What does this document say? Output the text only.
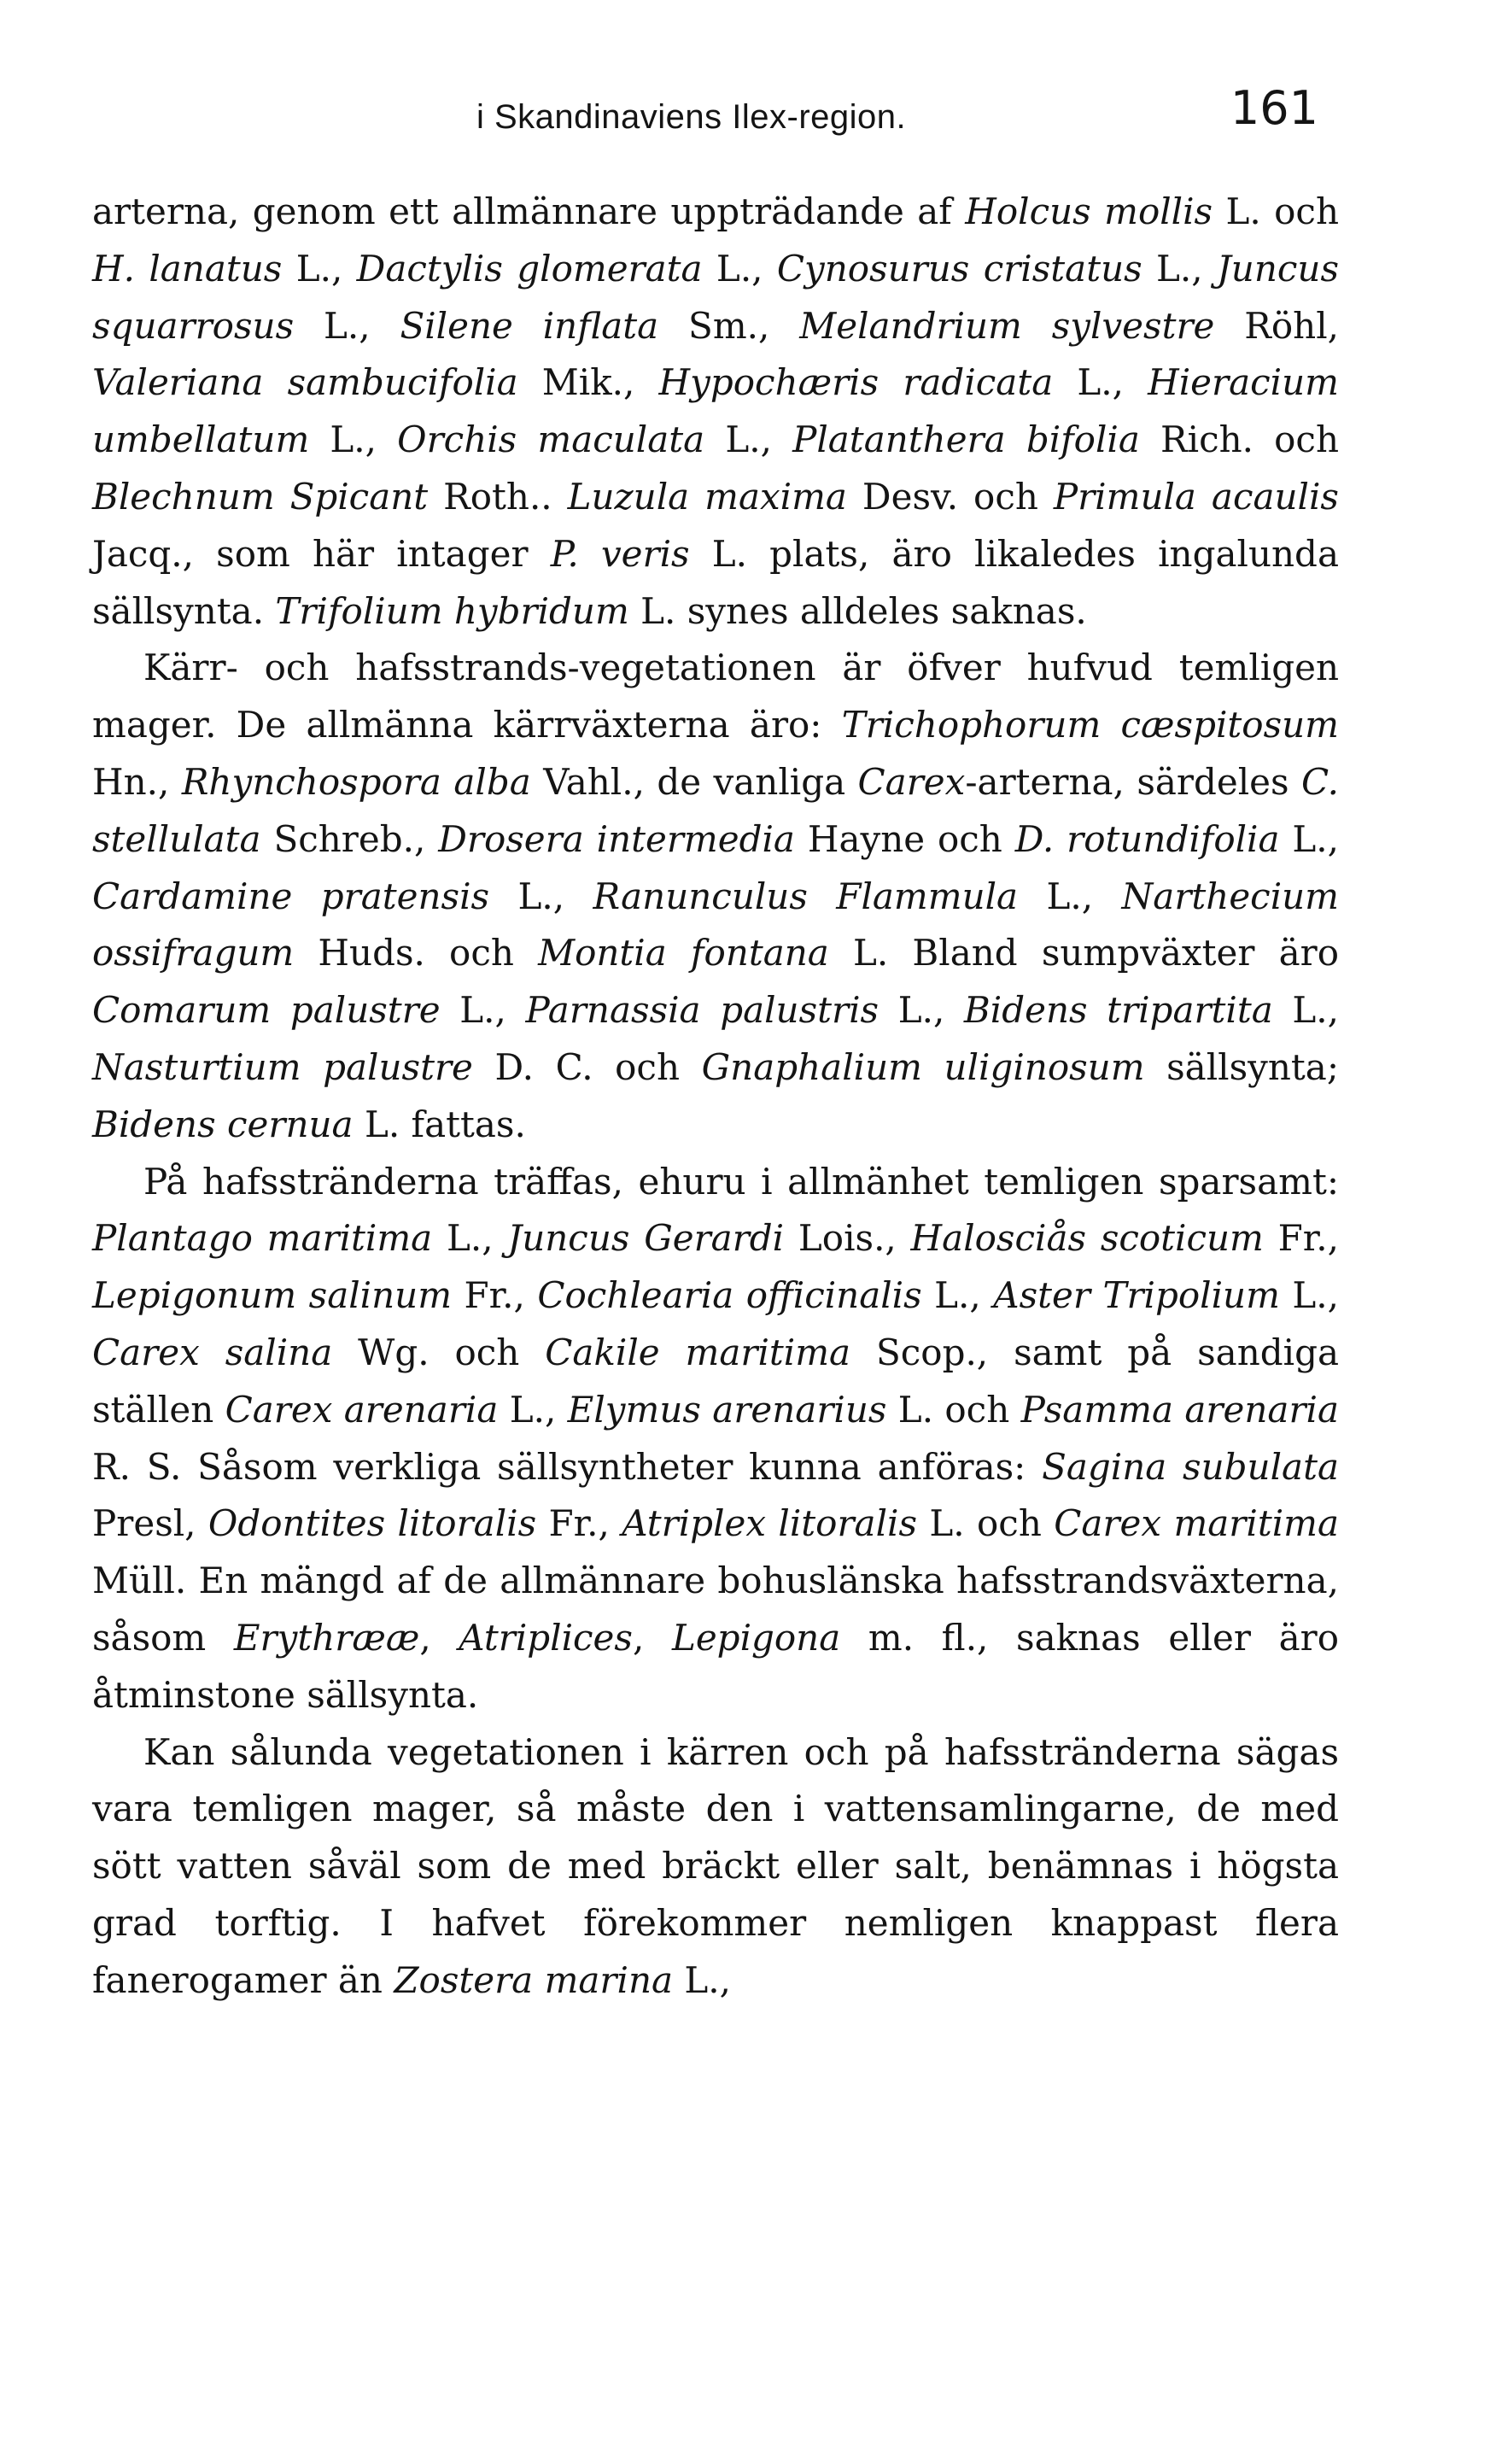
i Skandinaviens Ilex-region.	161

arterna, genom ett allmännare uppträdande af Holcus mollis L. och H. lanatus L., Dactylis glomerata L., Cynosurus cristatus L., Juncus squarrosus L., Silene inflata Sm., Melandrium sylvestre Röhl, Valeriana sambucifolia Mik., Hypochæris radicata L., Hieracium umbellatum L., Orchis maculata L., Platanthera bifolia Rich. och Blechnum Spicant Roth.. Luzula maxima Desv. och Primula acaulis Jacq., som här intager P. veris L. plats, äro likaledes ingalunda sällsynta. Trifolium hybridum L. synes alldeles saknas.

Kärr- och hafsstrands-vegetationen är öfver hufvud temligen mager. De allmänna kärrväxterna äro: Trichophorum cæspitosum Hn., Rhynchospora alba Vahl., de vanliga Carex-arterna, särdeles C. stellulata Schreb., Drosera intermedia Hayne och D. rotundifolia L., Cardamine pratensis L., Ranunculus Flammula L., Narthecium ossifragum Huds. och Montia fontana L. Bland sumpväxter äro Comarum palustre L., Parnassia palustris L., Bidens tripartita L., Nasturtium palustre D. C. och Gnaphalium uliginosum sällsynta; Bidens cernua L. fattas.

På hafsstränderna träffas, ehuru i allmänhet temligen sparsamt: Plantago maritima L., Juncus Gerardi Lois., Halosciås scoticum Fr., Lepigonum salinum Fr., Cochlearia officinalis L., Aster Tripolium L., Carex salina Wg. och Cakile maritima Scop., samt på sandiga ställen Carex arenaria L., Elymus arenarius L. och Psamma arenaria R. S. Såsom verkliga sällsyntheter kunna anföras: Sagina subulata Presl, Odontites litoralis Fr., Atriplex litoralis L. och Carex maritima Müll. En mängd af de allmännare bohuslänska hafsstrandsväxterna, såsom Erythrææ, Atriplices, Lepigona m. fl., saknas eller äro åtminstone sällsynta.

Kan sålunda vegetationen i kärren och på hafsstränderna sägas vara temligen mager, så måste den i vattensamlingarne, de med sött vatten såväl som de med bräckt eller salt, benämnas i högsta grad torftig. I hafvet förekommer nemligen knappast flera fanerogamer än Zostera marina L.,
